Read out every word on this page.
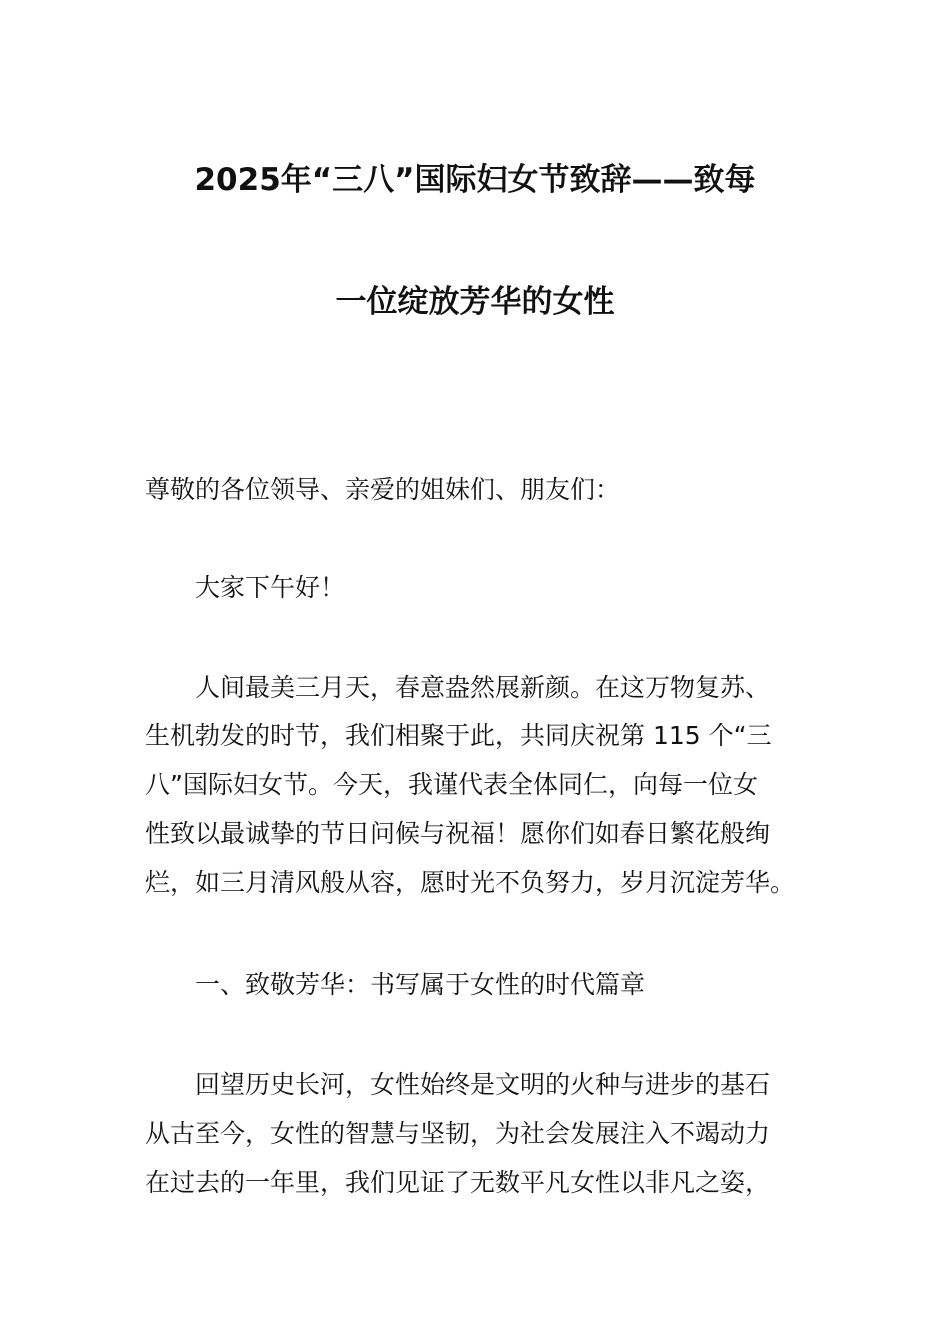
2025年“三八”国际妇女节致辞——致每
一位绽放芳华的女性
尊敬的各位领导、亲爱的姐妹们、朋友们：
大家下午好！
人间最美三月天，春意盎然展新颜。在这万物复苏、
生机勃发的时节，我们相聚于此，共同庆祝第 115 个“三
八”国际妇女节。今天，我谨代表全体同仁，向每一位女
性致以最诚挚的节日问候与祝福！愿你们如春日繁花般绚
烂，如三月清风般从容，愿时光不负努力，岁月沉淀芳华。
一、致敬芳华：书写属于女性的时代篇章
回望历史长河，女性始终是文明的火种与进步的基石
从古至今，女性的智慧与坚韧，为社会发展注入不竭动力
在过去的一年里，我们见证了无数平凡女性以非凡之姿，
